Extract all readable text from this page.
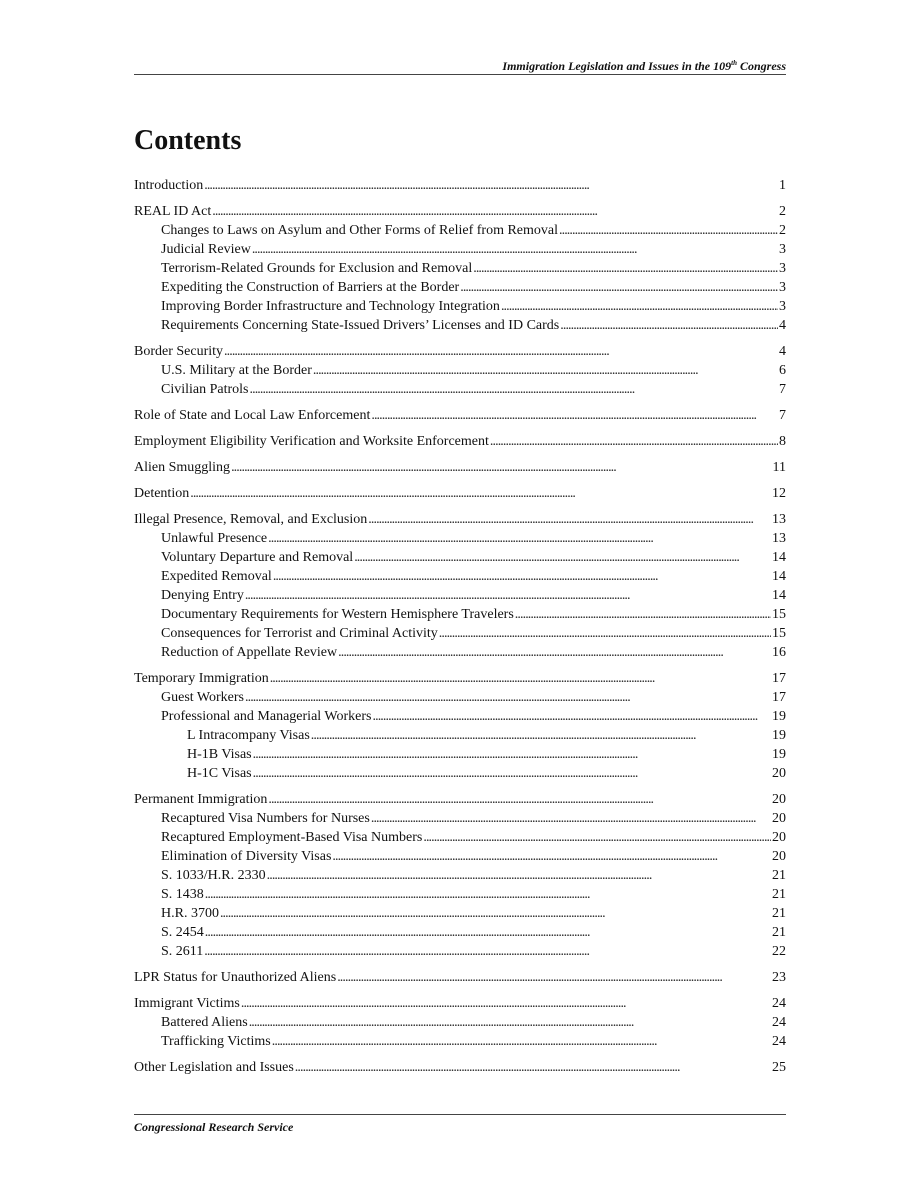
Immigration Legislation and Issues in the 109th Congress
Contents
Introduction . . .	1
REAL ID Act . . .	2
Changes to Laws on Asylum and Other Forms of Relief from Removal . . .	2
Judicial Review . . .	3
Terrorism-Related Grounds for Exclusion and Removal . . .	3
Expediting the Construction of Barriers at the Border . . .	3
Improving Border Infrastructure and Technology Integration . . .	3
Requirements Concerning State-Issued Drivers’ Licenses and ID Cards . . .	4
Border Security . . .	4
U.S. Military at the Border . . .	6
Civilian Patrols . . .	7
Role of State and Local Law Enforcement . . .	7
Employment Eligibility Verification and Worksite Enforcement . . .	8
Alien Smuggling . . .	11
Detention . . .	12
Illegal Presence, Removal, and Exclusion . . .	13
Unlawful Presence . . .	13
Voluntary Departure and Removal . . .	14
Expedited Removal . . .	14
Denying Entry . . .	14
Documentary Requirements for Western Hemisphere Travelers . . .	15
Consequences for Terrorist and Criminal Activity . . .	15
Reduction of Appellate Review . . .	16
Temporary Immigration . . .	17
Guest Workers . . .	17
Professional and Managerial Workers . . .	19
L Intracompany Visas . . .	19
H-1B Visas . . .	19
H-1C Visas . . .	20
Permanent Immigration . . .	20
Recaptured Visa Numbers for Nurses . . .	20
Recaptured Employment-Based Visa Numbers . . .	20
Elimination of Diversity Visas . . .	20
S. 1033/H.R. 2330 . . .	21
S. 1438 . . .	21
H.R. 3700 . . .	21
S. 2454 . . .	21
S. 2611 . . .	22
LPR Status for Unauthorized Aliens . . .	23
Immigrant Victims . . .	24
Battered Aliens . . .	24
Trafficking Victims . . .	24
Other Legislation and Issues . . .	25
Congressional Research Service
